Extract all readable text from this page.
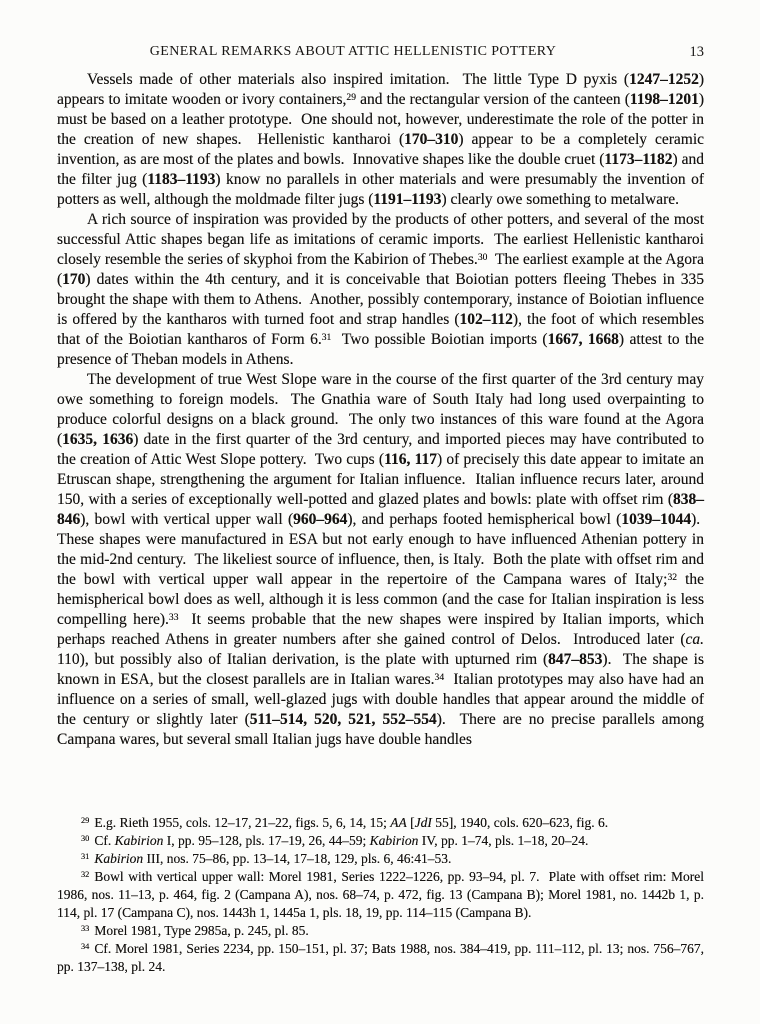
GENERAL REMARKS ABOUT ATTIC HELLENISTIC POTTERY	13

Vessels made of other materials also inspired imitation.  The little Type D pyxis (1247–1252) appears to imitate wooden or ivory containers,$^{29}$ and the rectangular version of the canteen (1198–1201) must be based on a leather prototype.  One should not, however, underestimate the role of the potter in the creation of new shapes.  Hellenistic kantharoi (170–310) appear to be a completely ceramic invention, as are most of the plates and bowls.  Innovative shapes like the double cruet (1173–1182) and the filter jug (1183–1193) know no parallels in other materials and were presumably the invention of potters as well, although the moldmade filter jugs (1191–1193) clearly owe something to metalware.

A rich source of inspiration was provided by the products of other potters, and several of the most successful Attic shapes began life as imitations of ceramic imports.  The earliest Hellenistic kantharoi closely resemble the series of skyphoi from the Kabirion of Thebes.$^{30}$  The earliest example at the Agora (170) dates within the 4th century, and it is conceivable that Boiotian potters fleeing Thebes in 335 brought the shape with them to Athens.  Another, possibly contemporary, instance of Boiotian influence is offered by the kantharos with turned foot and strap handles (102–112), the foot of which resembles that of the Boiotian kantharos of Form 6.31  Two possible Boiotian imports (1667, 1668) attest to the presence of Theban models in Athens.

The development of true West Slope ware in the course of the first quarter of the 3rd century may owe something to foreign models.  The Gnathia ware of South Italy had long used overpainting to produce colorful designs on a black ground.  The only two instances of this ware found at the Agora (1635, 1636) date in the first quarter of the 3rd century, and imported pieces may have contributed to the creation of Attic West Slope pottery.  Two cups (116, 117) of precisely this date appear to imitate an Etruscan shape, strengthening the argument for Italian influence.  Italian influence recurs later, around 150, with a series of exceptionally well-potted and glazed plates and bowls: plate with offset rim (838–846), bowl with vertical upper wall (960–964), and perhaps footed hemispherical bowl (1039–1044).  These shapes were manufactured in ESA but not early enough to have influenced Athenian pottery in the mid-2nd century.  The likeliest source of influence, then, is Italy.  Both the plate with offset rim and the bowl with vertical upper wall appear in the repertoire of the Campana wares of Italy;$^{32}$ the hemispherical bowl does as well, although it is less common (and the case for Italian inspiration is less compelling here).$^{33}$  It seems probable that the new shapes were inspired by Italian imports, which perhaps reached Athens in greater numbers after she gained control of Delos.  Introduced later (ca. 110), but possibly also of Italian derivation, is the plate with upturned rim (847–853).  The shape is known in ESA, but the closest parallels are in Italian wares.$^{34}$  Italian prototypes may also have had an influence on a series of small, well-glazed jugs with double handles that appear around the middle of the century or slightly later (511–514, 520, 521, 552–554).  There are no precise parallels among Campana wares, but several small Italian jugs have double handles

$^{29}$ E.g. Rieth 1955, cols. 12–17, 21–22, figs. 5, 6, 14, 15; AA [JdI 55], 1940, cols. 620–623, fig. 6.

$^{30}$ Cf. Kabirion I, pp. 95–128, pls. 17–19, 26, 44–59; Kabirion IV, pp. 1–74, pls. 1–18, 20–24.

$^{31}$ Kabirion III, nos. 75–86, pp. 13–14, 17–18, 129, pls. 6, 46:41–53.

$^{32}$ Bowl with vertical upper wall: Morel 1981, Series 1222–1226, pp. 93–94, pl. 7.  Plate with offset rim: Morel 1986, nos. 11–13, p. 464, fig. 2 (Campana A), nos. 68–74, p. 472, fig. 13 (Campana B); Morel 1981, no. 1442b 1, p. 114, pl. 17 (Campana C), nos. 1443h 1, 1445a 1, pls. 18, 19, pp. 114–115 (Campana B).

$^{33}$ Morel 1981, Type 2985a, p. 245, pl. 85.

$^{34}$ Cf. Morel 1981, Series 2234, pp. 150–151, pl. 37; Bats 1988, nos. 384–419, pp. 111–112, pl. 13; nos. 756–767, pp. 137–138, pl. 24.
